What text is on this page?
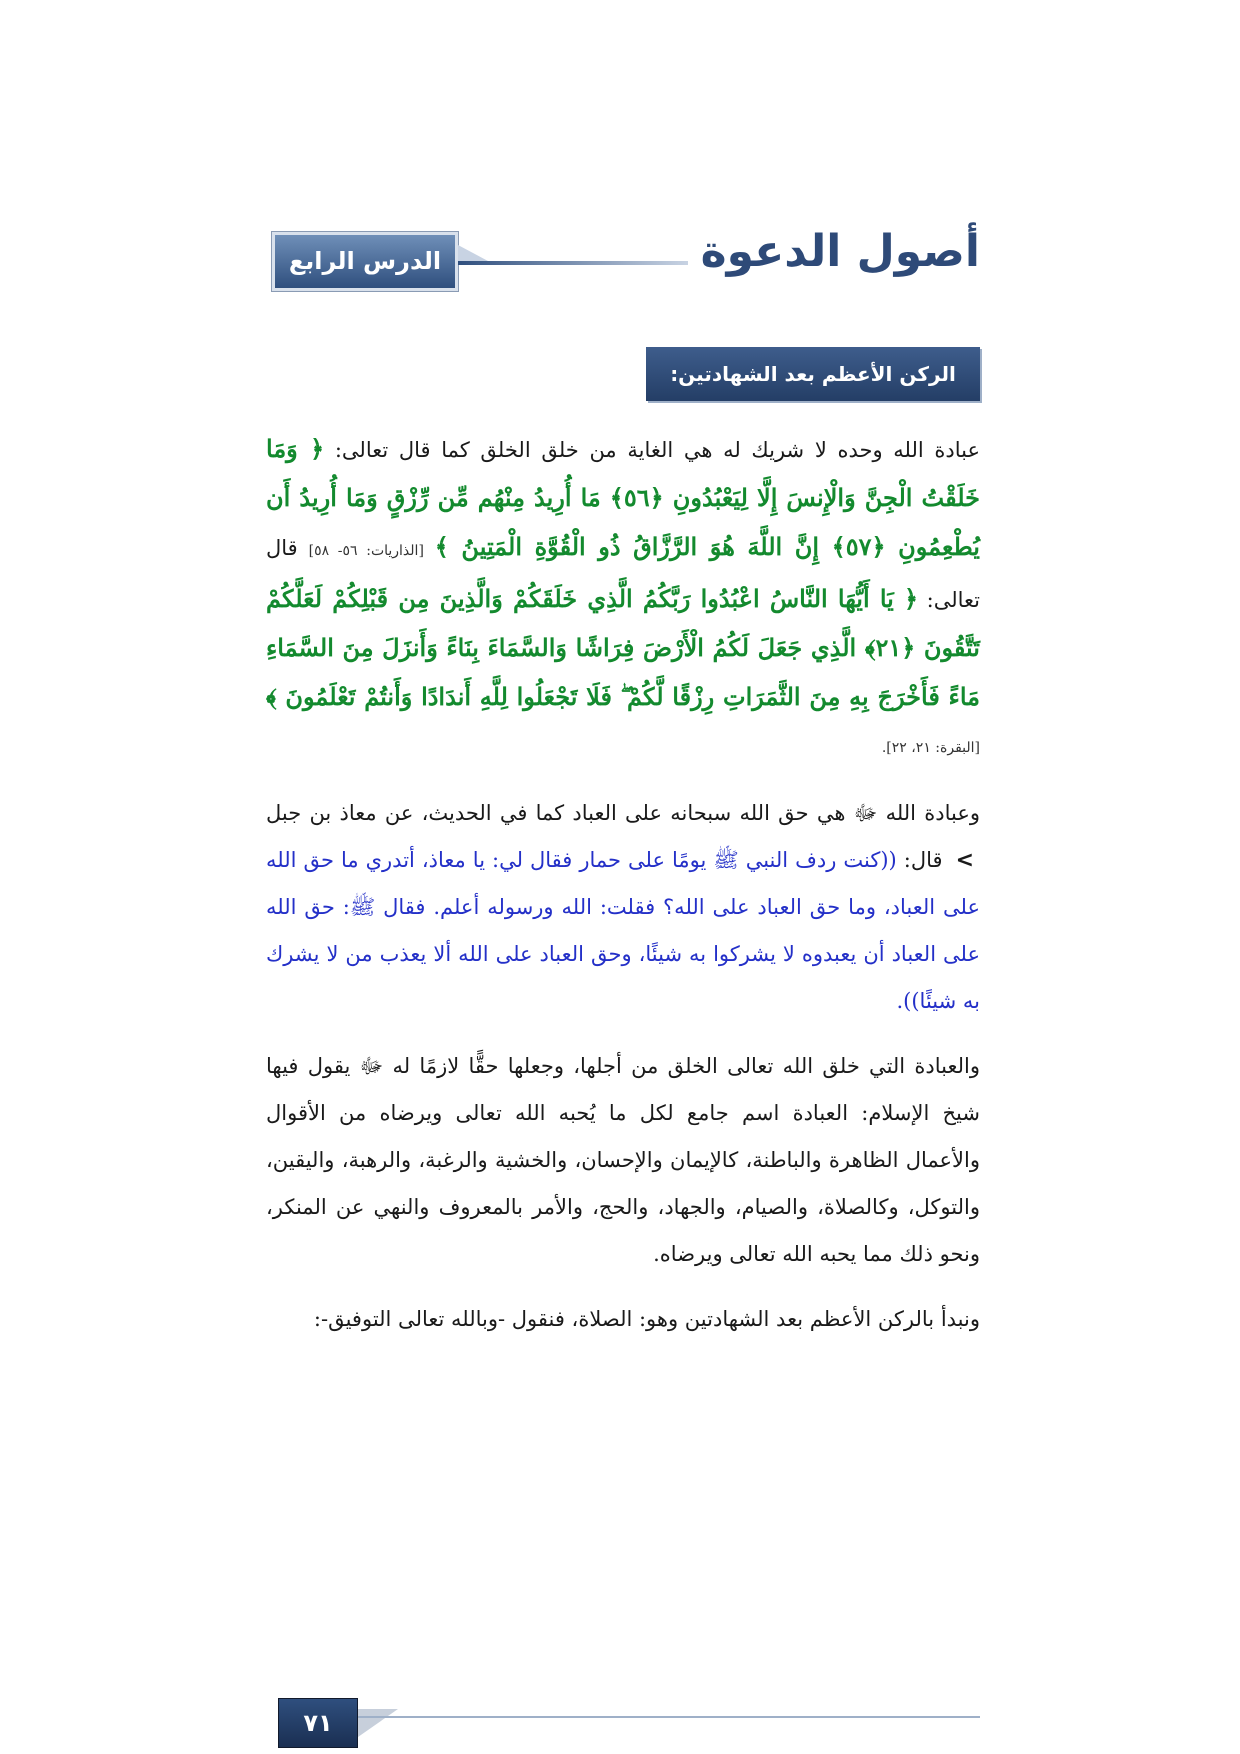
الدرس الرابع	أصول الدعوة
الركن الأعظم بعد الشهادتين: الصلاة

عبادة الله وحده لا شريك له هي الغاية من خلق الخلق كما قال تعالى: ﴿ وَمَا خَلَقْتُ الْجِنَّ وَالْإِنسَ إِلَّا لِيَعْبُدُونِ ﴿٥٦﴾ مَا أُرِيدُ مِنْهُم مِّن رِّزْقٍ وَمَا أُرِيدُ أَن يُطْعِمُونِ ﴿٥٧﴾ إِنَّ اللَّهَ هُوَ الرَّزَّاقُ ذُو الْقُوَّةِ الْمَتِينُ ﴾ [الذاريات: ٥٦- ٥٨] قال تعالى: ﴿ يَا أَيُّهَا النَّاسُ اعْبُدُوا رَبَّكُمُ الَّذِي خَلَقَكُمْ وَالَّذِينَ مِن قَبْلِكُمْ لَعَلَّكُمْ تَتَّقُونَ ﴿٢١﴾ الَّذِي جَعَلَ لَكُمُ الْأَرْضَ فِرَاشًا وَالسَّمَاءَ بِنَاءً وَأَنزَلَ مِنَ السَّمَاءِ مَاءً فَأَخْرَجَ بِهِ مِنَ الثَّمَرَاتِ رِزْقًا لَّكُمْ ۖ فَلَا تَجْعَلُوا لِلَّهِ أَندَادًا وَأَنتُمْ تَعْلَمُونَ ﴾ [البقرة: ٢١، ٢٢].

وعبادة الله ﷻ هي حق الله سبحانه على العباد كما في الحديث، عن معاذ بن جبل > قال: ((كنت ردف النبي ﷺ يومًا على حمار فقال لي: يا معاذ، أتدري ما حق الله على العباد، وما حق العباد على الله؟ فقلت: الله ورسوله أعلم. فقال ﷺ: حق الله على العباد أن يعبدوه لا يشركوا به شيئًا، وحق العباد على الله ألا يعذب من لا يشرك به شيئًا)).

والعبادة التي خلق الله تعالى الخلق من أجلها، وجعلها حقًّا لازمًا له ﷻ يقول فيها شيخ الإسلام: العبادة اسم جامع لكل ما يُحبه الله تعالى ويرضاه من الأقوال والأعمال الظاهرة والباطنة، كالإيمان والإحسان، والخشية والرغبة، والرهبة، واليقين، والتوكل، وكالصلاة، والصيام، والجهاد، والحج، والأمر بالمعروف والنهي عن المنكر، ونحو ذلك مما يحبه الله تعالى ويرضاه.

ونبدأ بالركن الأعظم بعد الشهادتين وهو: الصلاة، فنقول -وبالله تعالى التوفيق-:

٧١
